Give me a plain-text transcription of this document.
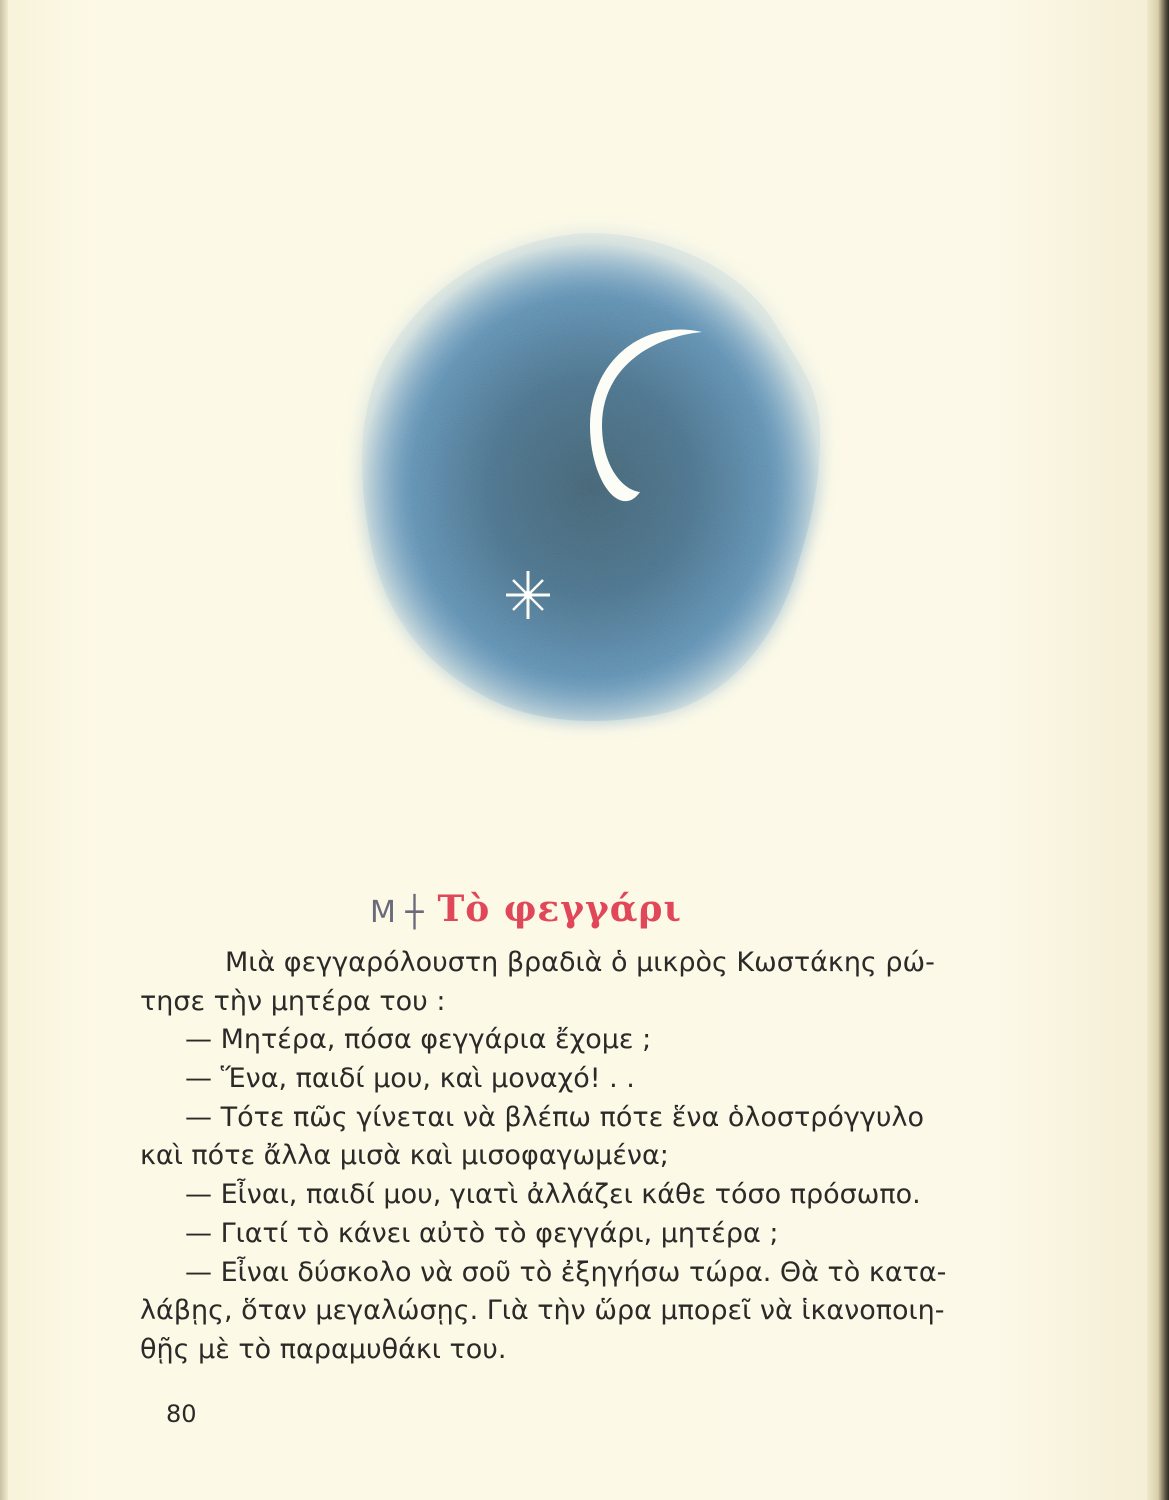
Μ ┼ Τὸ φεγγάρι
Μιὰ φεγγαρόλουστη βραδιὰ ὁ μικρὸς Κωστάκης ρώ-
τησε τὴν μητέρα του :
— Μητέρα, πόσα φεγγάρια ἔχομε ;
— Ἕνα, παιδί μου, καὶ μοναχό! . .
— Τότε πῶς γίνεται νὰ βλέπω πότε ἕνα ὁλοστρόγγυλο
καὶ πότε ἄλλα μισὰ καὶ μισοφαγωμένα;
— Εἶναι, παιδί μου, γιατὶ ἀλλάζει κάθε τόσο πρόσωπο.
— Γιατί τὸ κάνει αὐτὸ τὸ φεγγάρι, μητέρα ;
— Εἶναι δύσκολο νὰ σοῦ τὸ ἐξηγήσω τώρα. Θὰ τὸ κατα-
λάβῃς, ὅταν μεγαλώσῃς. Γιὰ τὴν ὥρα μπορεῖ νὰ ἱκανοποιη-
θῇς μὲ τὸ παραμυθάκι του.
80
